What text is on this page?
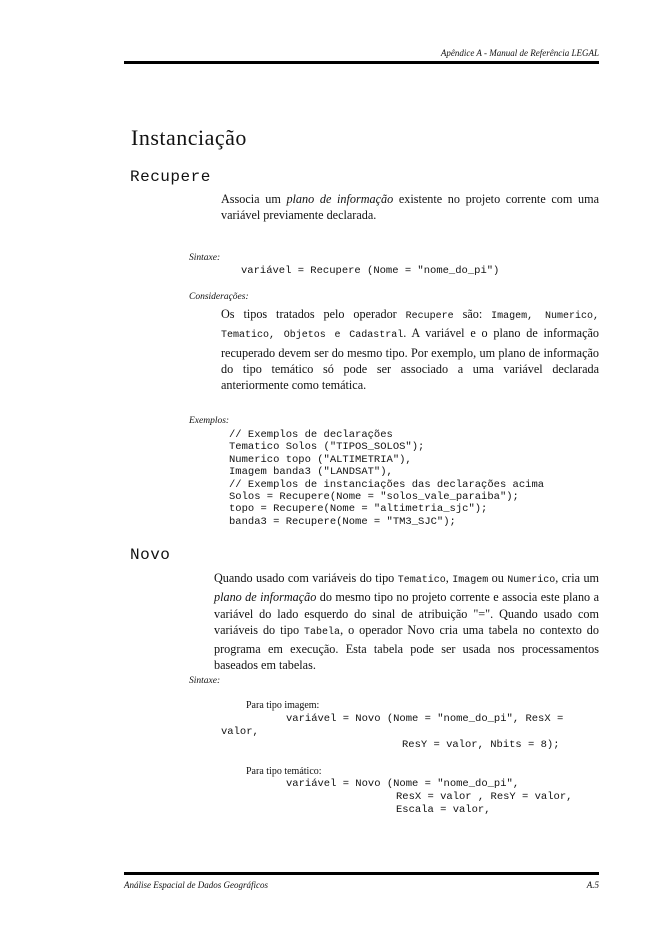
Apêndice A - Manual de Referência LEGAL
Instanciação
Recupere

Associa um plano de informação existente no projeto corrente com uma variável previamente declarada.

Sintaxe:
variável = Recupere (Nome = "nome_do_pi")
Considerações:

Os tipos tratados pelo operador Recupere são: Imagem, Numerico, Tematico, Objetos e Cadastral. A variável e o plano de informação recuperado devem ser do mesmo tipo. Por exemplo, um plano de informação do tipo temático só pode ser associado a uma variável declarada anteriormente como temática.

Exemplos:
// Exemplos de declarações
Tematico Solos ("TIPOS_SOLOS");
Numerico topo ("ALTIMETRIA"),
Imagem banda3 ("LANDSAT"),
// Exemplos de instanciações das declarações acima
Solos = Recupere(Nome = "solos_vale_paraiba");
topo = Recupere(Nome = "altimetria_sjc");
banda3 = Recupere(Nome = "TM3_SJC");
Novo

Quando usado com variáveis do tipo Tematico, Imagem ou Numerico, cria um plano de informação do mesmo tipo no projeto corrente e associa este plano a variável do lado esquerdo do sinal de atribuição "=". Quando usado com variáveis do tipo Tabela, o operador Novo cria uma tabela no contexto do programa em execução. Esta tabela pode ser usada nos processamentos baseados em tabelas.

Sintaxe:
Para tipo imagem:
variável = Novo (Nome = "nome_do_pi", ResX =
valor,
ResY = valor, Nbits = 8);
Para tipo temático:
variável = Novo (Nome = "nome_do_pi",
ResX = valor , ResY = valor,
Escala = valor,
Análise Espacial de Dados Geográficos	A.5
